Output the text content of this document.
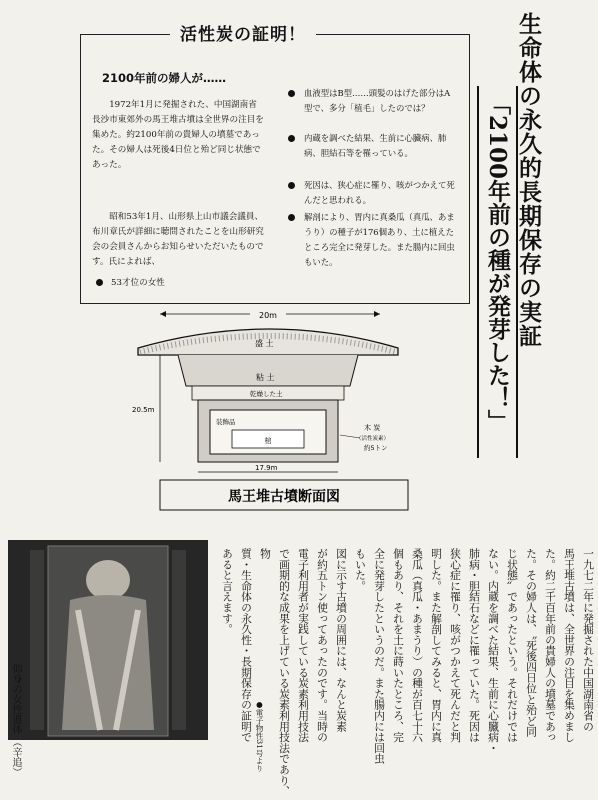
活性炭の証明！
2100年前の婦人が……

1972年1月に発掘された、中国湖南省長沙市東郊外の馬王堆古墳は全世界の注目を集めた。約2100年前の貴婦人の墳墓であった。その婦人は死後4日位と殆ど同じ状態であった。

昭和53年1月、山形県上山市議会議員、布川章氏が詳細に聴問されたことを山形研究会の会員さんからお知らせいただいたものです。氏によれば、

53才位の女性
血液型はB型……頭髪のはげた部分はA型で、多分「植毛」したのでは？
内蔵を調べた結果、生前に心臓病、肺病、胆結石等を罹っている。
死因は、狭心症に罹り、咳がつかえて死んだと思われる。
解剖により、胃内に真桑瓜（真瓜、あまうり）の種子が176個あり、土に植えたところ完全に発芽した。また腸内に回虫もいた。	生命体の永久的長期保存の実証
「2100年前の種が発芽した！」
20m
盛 土
粘 土
乾燥した土
棺
装飾品
20.5m
17.9m
木 炭
（活性炭素）
約5トン
馬王堆古墳断面図
仰身の女性遺体 （辛追）	一九七二年に発掘された中国湖南省の
馬王堆古墳は、全世界の注目を集めまし
た。約二千百年前の貴婦人の墳墓であっ
た。その婦人は、〝死後四日位と殆ど同
じ状態〟であったという。それだけでは
ない。内蔵を調べた結果、生前に心臓病・
肺病・胆結石などに罹っていた。死因は
狭心症に罹り、咳がつかえて死んだと判
明した。また解剖してみると、胃内に真
桑瓜（真瓜・あまうり）の種が百七十六
個もあり、それを土に蒔いたところ、完
全に発芽したというのだ。また腸内には回虫
もいた。
図に示す古墳の周囲には、なんと炭素
が約五トン使ってあったのです。当時の
電子利用者が実践している炭素利用技法
で画期的な成果を上げている炭素利用技法であり、物
質・生命体の永久性・長期保存の証明で
あると言えます。
●電子物性31号より
